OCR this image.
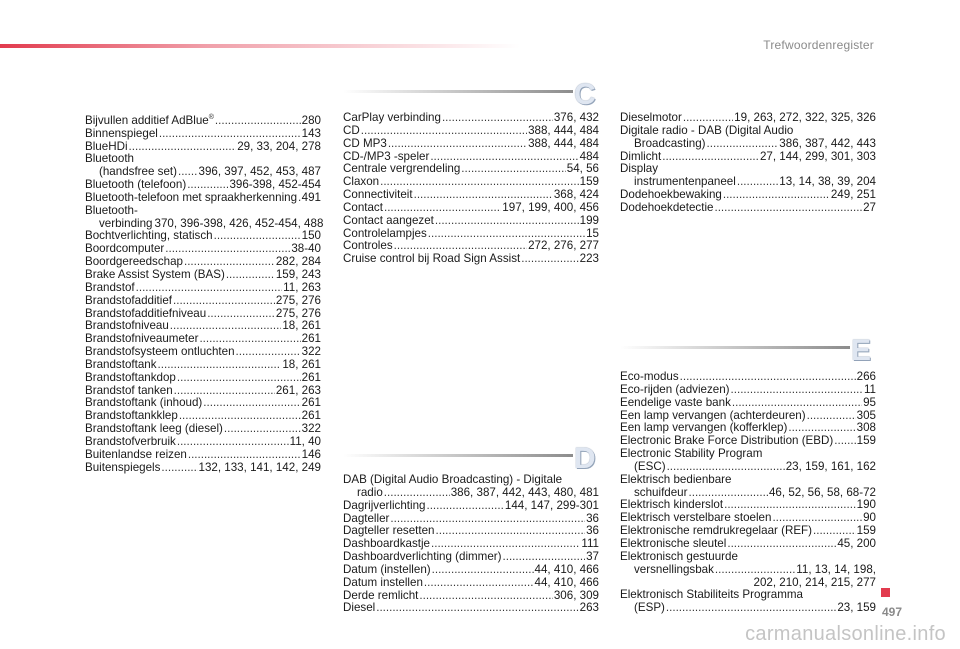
Trefwoordenregister
Bijvullen additief AdBlue® .....	280
Binnenspiegel .....	143
BlueHDi .....	29, 33, 204, 278
Bluetooth
(handsfree set) ..... 396, 397, 452, 453, 487
Bluetooth (telefoon) .....	396-398, 452-454
Bluetooth-telefoon met spraakherkenning ..... 491
Bluetooth-
verbinding 370, 396-398, 426, 452-454, 488
Bochtverlichting, statisch .....	150
Boordcomputer .....	38-40
Boordgereedschap .....	282, 284
Brake Assist System (BAS) .....	159, 243
Brandstof .....	11, 263
Brandstofadditief .....	275, 276
Brandstofadditiefniveau .....	275, 276
Brandstofniveau .....	18, 261
Brandstofniveaumeter .....	261
Brandstofsysteem ontluchten .....	322
Brandstoftank .....	18, 261
Brandstoftankdop .....	261
Brandstof tanken .....	261, 263
Brandstoftank (inhoud) .....	261
Brandstoftankklep .....	261
Brandstoftank leeg (diesel) .....	322
Brandstofverbruik .....	11, 40
Buitenlandse reizen .....	146
Buitenspiegels .....	132, 133, 141, 142, 249
C
CarPlay verbinding .....	376, 432
CD .....	388, 444, 484
CD MP3 .....	388, 444, 484
CD-/MP3 -speler .....	484
Centrale vergrendeling .....	54, 56
Claxon .....	159
Connectiviteit .....	368, 424
Contact .....	197, 199, 400, 456
Contact aangezet .....	199
Controlelampjes .....	15
Controles .....	272, 276, 277
Cruise control bij Road Sign Assist .....	223
D
DAB (Digital Audio Broadcasting) - Digitale
radio .....	386, 387, 442, 443, 480, 481
Dagrijverlichting .....	144, 147, 299-301
Dagteller .....	36
Dagteller resetten .....	36
Dashboardkastje .....	111
Dashboardverlichting (dimmer) .....	37
Datum (instellen) .....	44, 410, 466
Datum instellen .....	44, 410, 466
Derde remlicht .....	306, 309
Diesel .....	263
Dieselmotor .....	19, 263, 272, 322, 325, 326
Digitale radio - DAB (Digital Audio
Broadcasting) .....	386, 387, 442, 443
Dimlicht .....	27, 144, 299, 301, 303
Display
instrumentenpaneel .....	13, 14, 38, 39, 204
Dodehoekbewaking .....	249, 251
Dodehoekdetectie .....	27
E
Eco-modus .....	266
Eco-rijden (adviezen) .....	11
Eendelige vaste bank .....	95
Een lamp vervangen (achterdeuren) .....	305
Een lamp vervangen (kofferklep) .....	308
Electronic Brake Force Distribution (EBD) ..... 159
Electronic Stability Program
(ESC) .....	23, 159, 161, 162
Elektrisch bedienbare
schuifdeur .....	46, 52, 56, 58, 68-72
Elektrisch kinderslot .....	190
Elektrisch verstelbare stoelen .....	90
Elektronische remdrukregelaar (REF) .....	159
Elektronische sleutel .....	45, 200
Elektronisch gestuurde
versnellingsbak .....	11, 13, 14, 198,
202, 210, 214, 215, 277
Elektronisch Stabiliteits Programma
(ESP) .....	23, 159 497
carmanualsonline.info
